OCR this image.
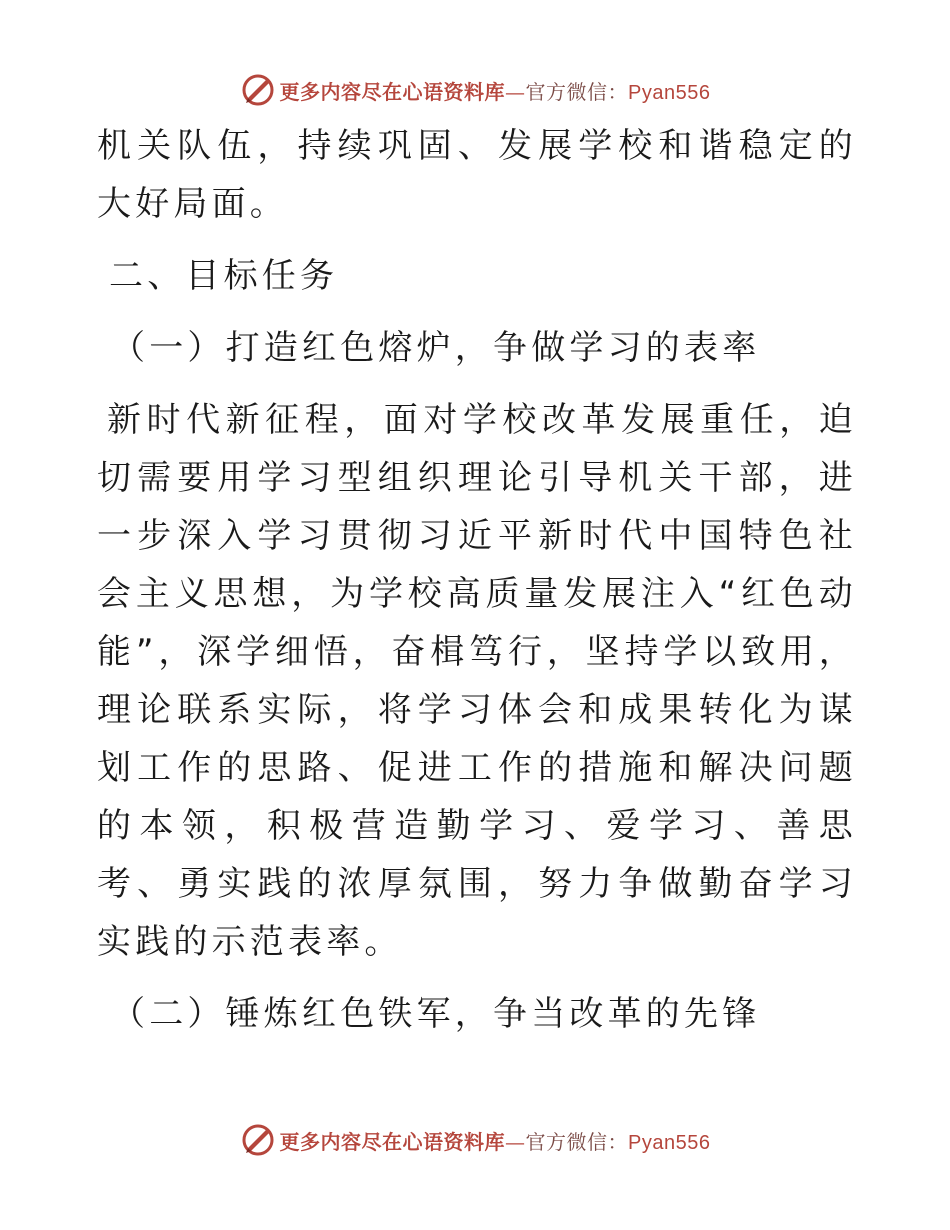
更多内容尽在心语资料库—官方微信：Pyan556

机关队伍，持续巩固、发展学校和谐稳定的大好局面。

二、目标任务

（一）打造红色熔炉，争做学习的表率

新时代新征程，面对学校改革发展重任，迫切需要用学习型组织理论引导机关干部，进一步深入学习贯彻习近平新时代中国特色社会主义思想，为学校高质量发展注入“红色动能”，深学细悟，奋楫笃行，坚持学以致用，理论联系实际，将学习体会和成果转化为谋划工作的思路、促进工作的措施和解决问题的本领，积极营造勤学习、爱学习、善思考、勇实践的浓厚氛围，努力争做勤奋学习实践的示范表率。

（二）锤炼红色铁军，争当改革的先锋

更多内容尽在心语资料库—官方微信：Pyan556
